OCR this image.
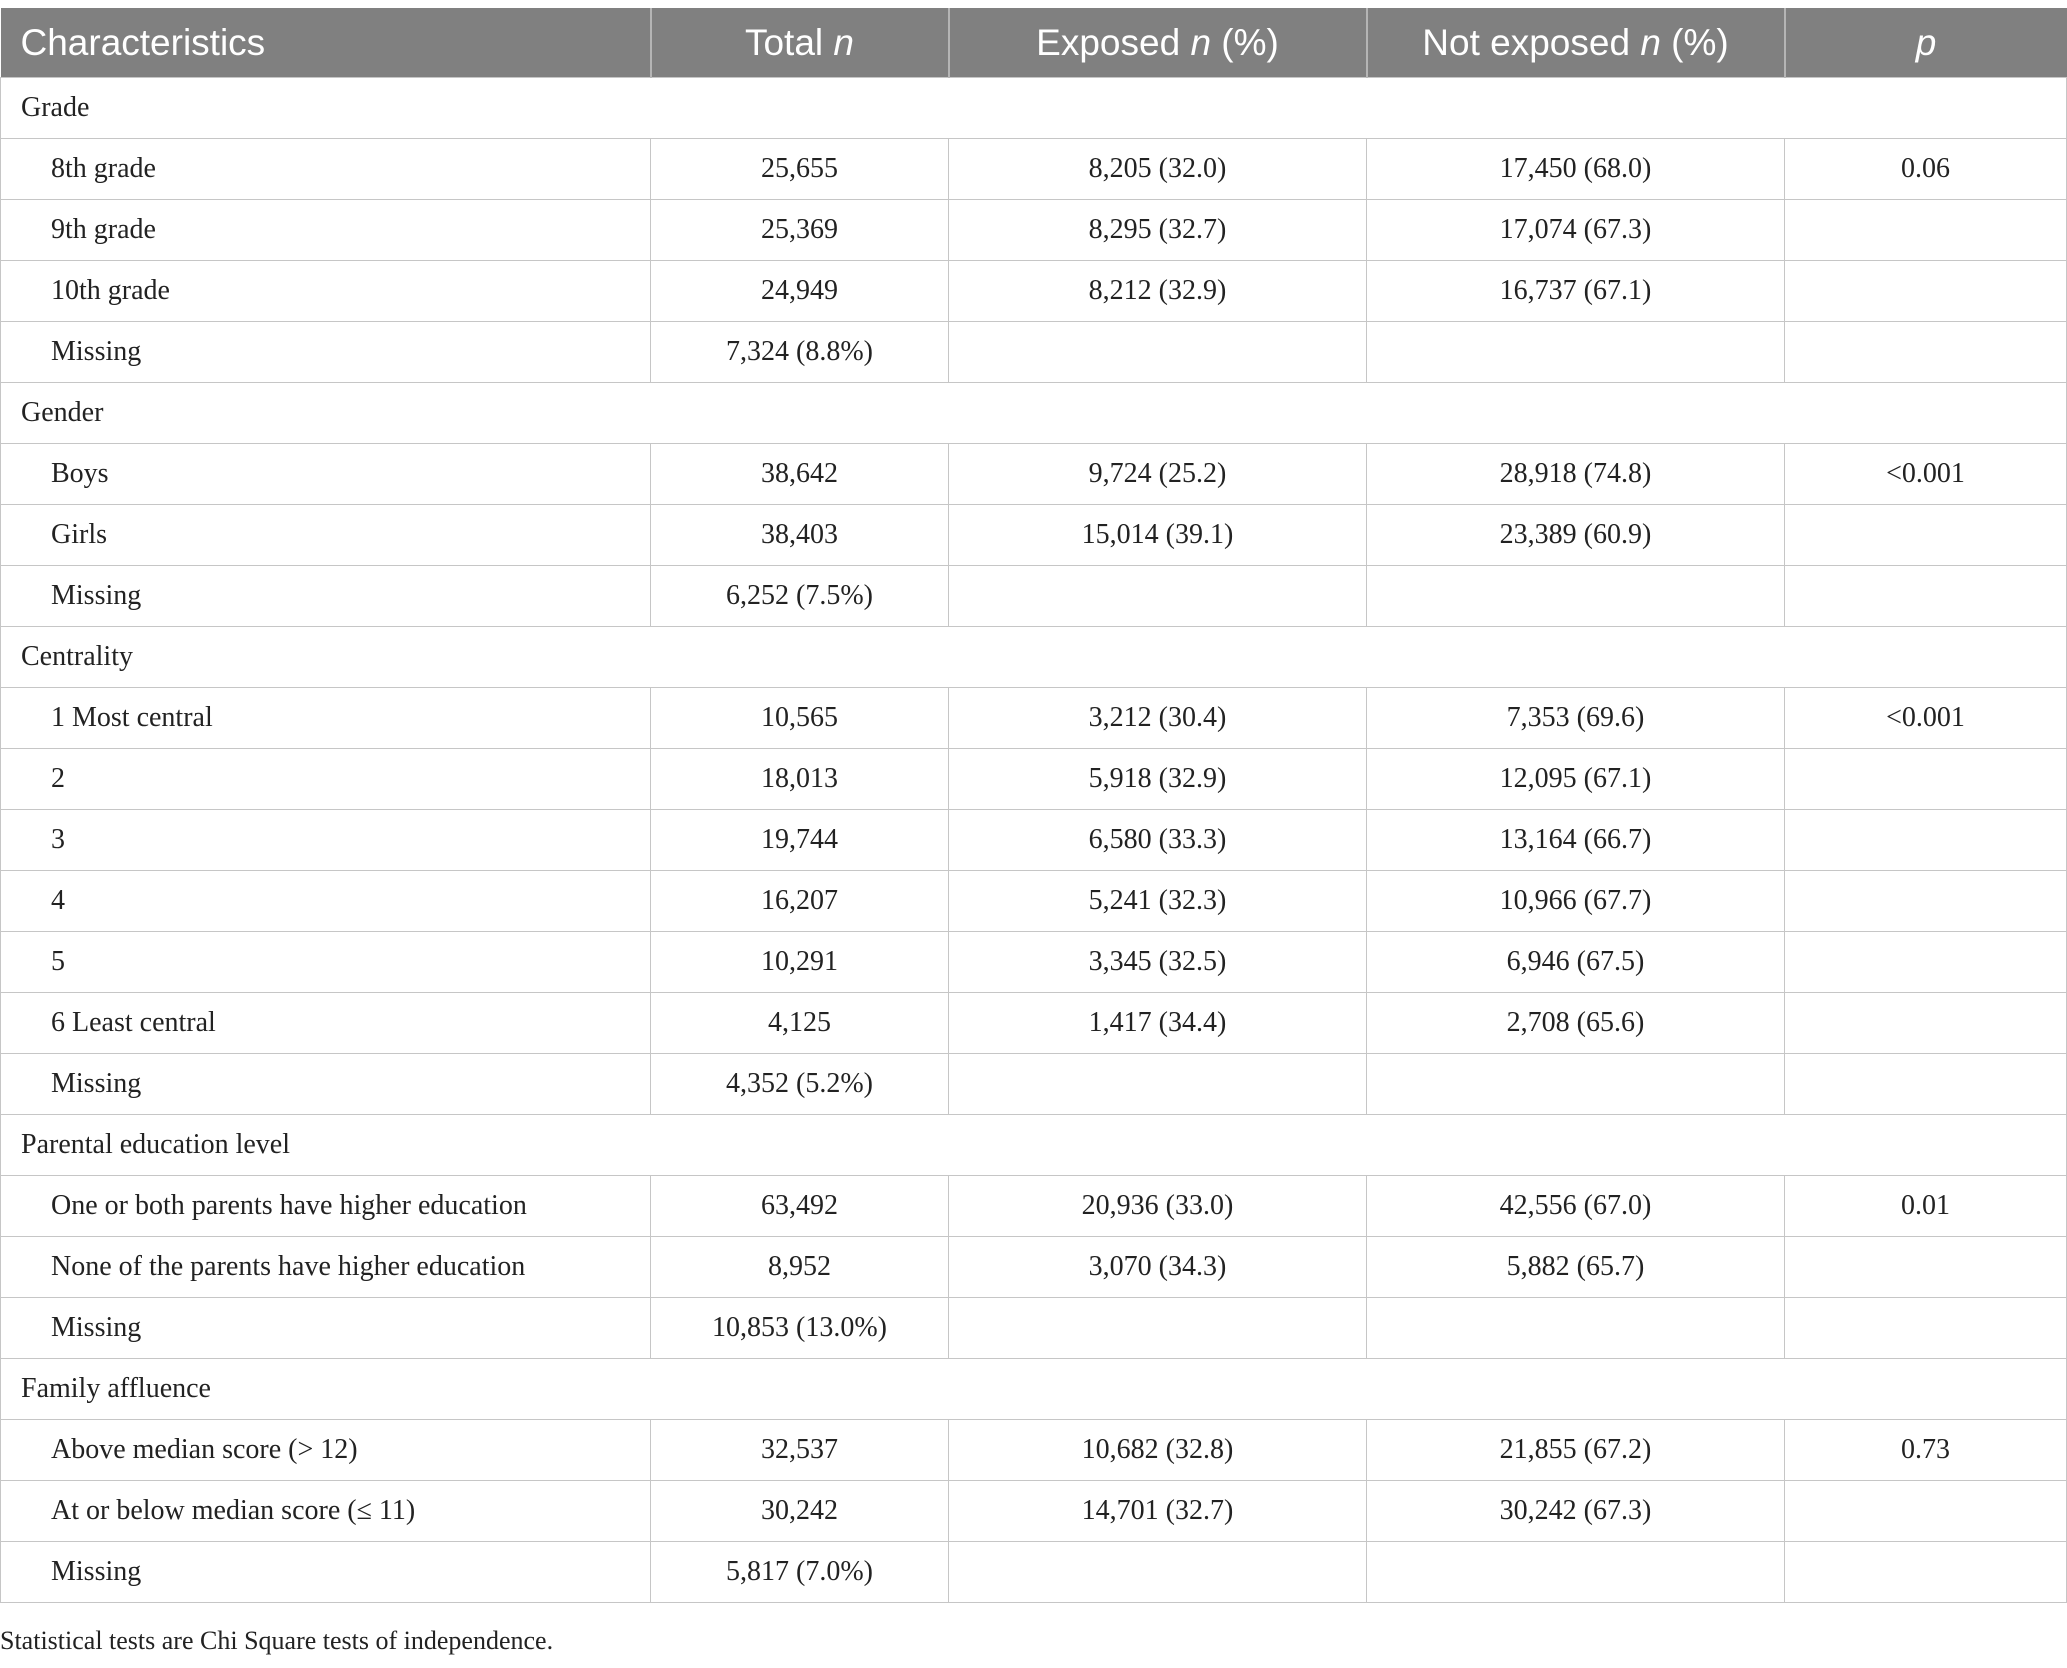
Characteristics	Total n	Exposed n (%)	Not exposed n (%)	p
Grade				
8th grade	25,655	8,205 (32.0)	17,450 (68.0)	0.06
9th grade	25,369	8,295 (32.7)	17,074 (67.3)	
10th grade	24,949	8,212 (32.9)	16,737 (67.1)	
Missing	7,324 (8.8%)			
Gender				
Boys	38,642	9,724 (25.2)	28,918 (74.8)	<0.001
Girls	38,403	15,014 (39.1)	23,389 (60.9)	
Missing	6,252 (7.5%)			
Centrality				
1 Most central	10,565	3,212 (30.4)	7,353 (69.6)	<0.001
2	18,013	5,918 (32.9)	12,095 (67.1)	
3	19,744	6,580 (33.3)	13,164 (66.7)	
4	16,207	5,241 (32.3)	10,966 (67.7)	
5	10,291	3,345 (32.5)	6,946 (67.5)	
6 Least central	4,125	1,417 (34.4)	2,708 (65.6)	
Missing	4,352 (5.2%)			
Parental education level				
One or both parents have higher education	63,492	20,936 (33.0)	42,556 (67.0)	0.01
None of the parents have higher education	8,952	3,070 (34.3)	5,882 (65.7)	
Missing	10,853 (13.0%)			
Family affluence				
Above median score (> 12)	32,537	10,682 (32.8)	21,855 (67.2)	0.73
At or below median score (≤ 11)	30,242	14,701 (32.7)	30,242 (67.3)	
Missing	5,817 (7.0%)			
Statistical tests are Chi Square tests of independence.
